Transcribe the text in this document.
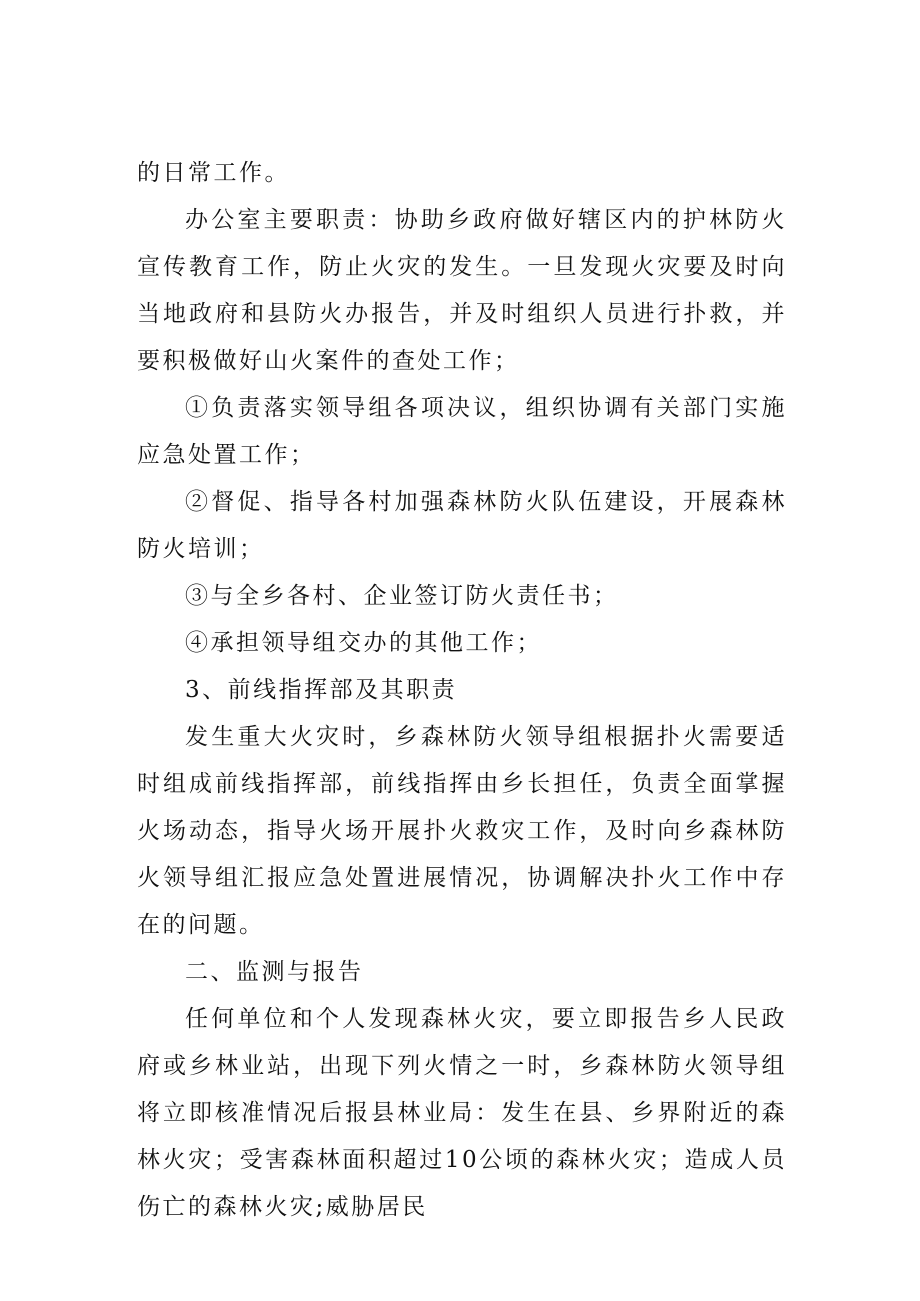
的日常工作。

办公室主要职责：协助乡政府做好辖区内的护林防火宣传教育工作，防止火灾的发生。一旦发现火灾要及时向当地政府和县防火办报告，并及时组织人员进行扑救，并要积极做好山火案件的查处工作；

①负责落实领导组各项决议，组织协调有关部门实施应急处置工作；

②督促、指导各村加强森林防火队伍建设，开展森林防火培训；

③与全乡各村、企业签订防火责任书；

④承担领导组交办的其他工作；

3、前线指挥部及其职责

发生重大火灾时，乡森林防火领导组根据扑火需要适时组成前线指挥部，前线指挥由乡长担任，负责全面掌握火场动态，指导火场开展扑火救灾工作，及时向乡森林防火领导组汇报应急处置进展情况，协调解决扑火工作中存在的问题。

二、监测与报告

任何单位和个人发现森林火灾，要立即报告乡人民政府或乡林业站，出现下列火情之一时，乡森林防火领导组将立即核准情况后报县林业局：发生在县、乡界附近的森林火灾；受害森林面积超过10公顷的森林火灾；造成人员伤亡的森林火灾;威胁居民
